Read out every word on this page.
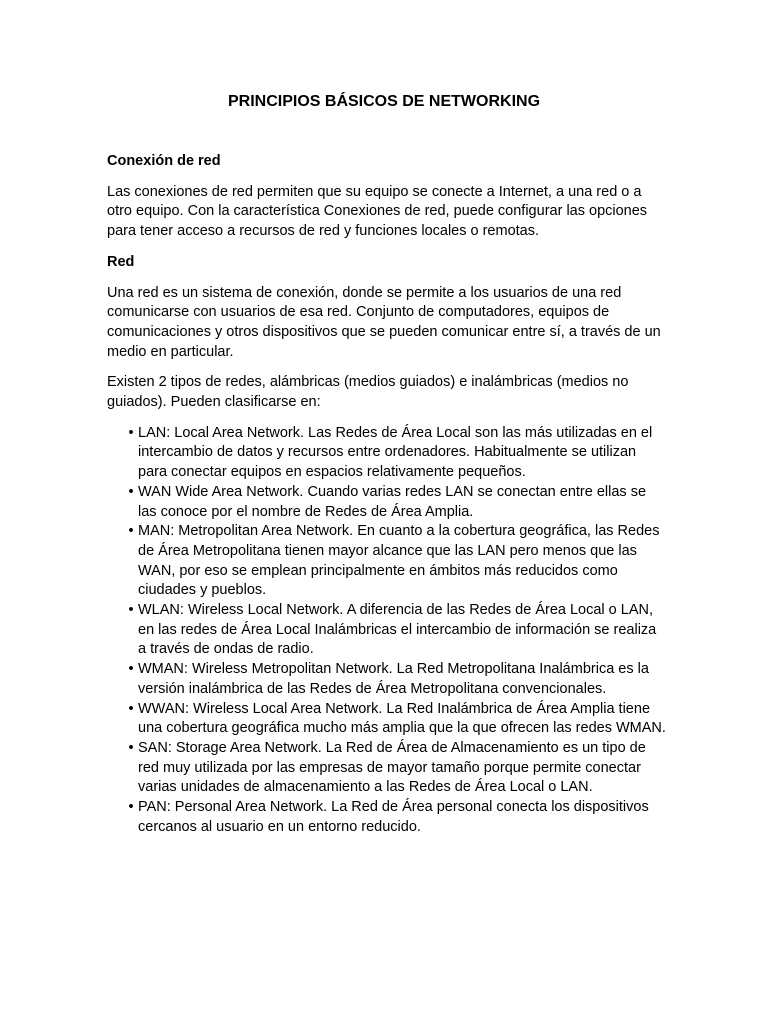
PRINCIPIOS BÁSICOS DE NETWORKING

Conexión de red

Las conexiones de red permiten que su equipo se conecte a Internet, a una red o a otro equipo. Con la característica Conexiones de red, puede configurar las opciones para tener acceso a recursos de red y funciones locales o remotas.

Red

Una red es un sistema de conexión, donde se permite a los usuarios de una red comunicarse con usuarios de esa red. Conjunto de computadores, equipos de comunicaciones y otros dispositivos que se pueden comunicar entre sí, a través de un medio en particular.

Existen 2 tipos de redes, alámbricas (medios guiados) e inalámbricas (medios no guiados). Pueden clasificarse en:

• LAN: Local Area Network. Las Redes de Área Local son las más utilizadas en el intercambio de datos y recursos entre ordenadores. Habitualmente se utilizan para conectar equipos en espacios relativamente pequeños.
• WAN Wide Area Network. Cuando varias redes LAN se conectan entre ellas se las conoce por el nombre de Redes de Área Amplia.
• MAN: Metropolitan Area Network. En cuanto a la cobertura geográfica, las Redes de Área Metropolitana tienen mayor alcance que las LAN pero menos que las WAN, por eso se emplean principalmente en ámbitos más reducidos como ciudades y pueblos.
• WLAN: Wireless Local Network. A diferencia de las Redes de Área Local o LAN, en las redes de Área Local Inalámbricas el intercambio de información se realiza a través de ondas de radio.
• WMAN: Wireless Metropolitan Network. La Red Metropolitana Inalámbrica es la versión inalámbrica de las Redes de Área Metropolitana convencionales.
• WWAN: Wireless Local Area Network. La Red Inalámbrica de Área Amplia tiene una cobertura geográfica mucho más amplia que la que ofrecen las redes WMAN.
• SAN: Storage Area Network. La Red de Área de Almacenamiento es un tipo de red muy utilizada por las empresas de mayor tamaño porque permite conectar varias unidades de almacenamiento a las Redes de Área Local o LAN.
• PAN: Personal Area Network. La Red de Área personal conecta los dispositivos cercanos al usuario en un entorno reducido.
